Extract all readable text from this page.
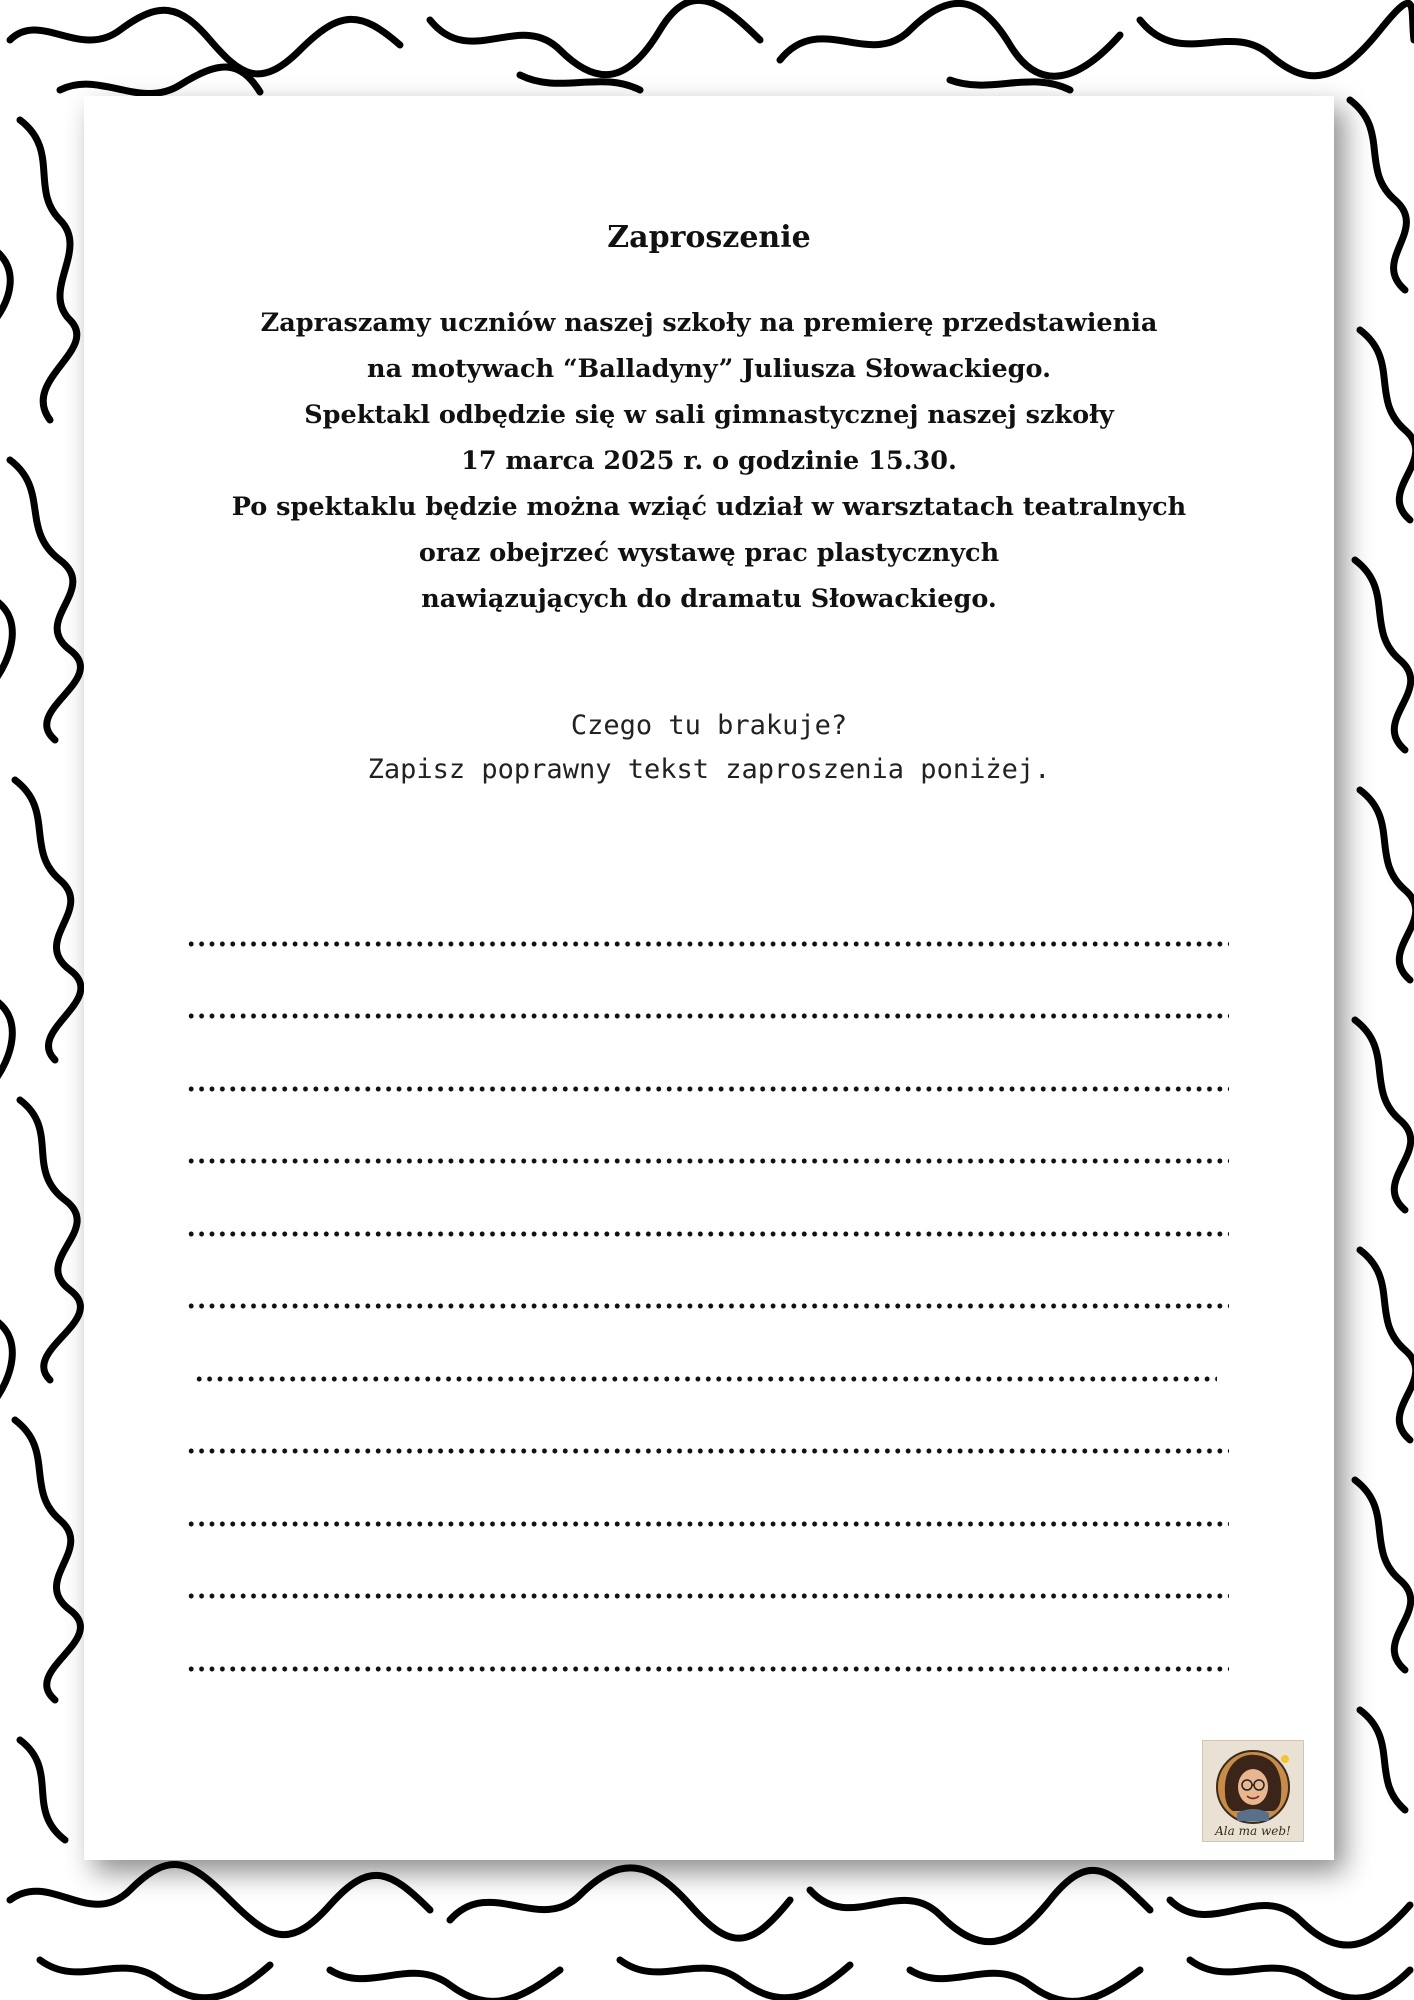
Zaproszenie
Zapraszamy uczniów naszej szkoły na premierę przedstawienia
na motywach “Balladyny” Juliusza Słowackiego.
Spektakl odbędzie się w sali gimnastycznej naszej szkoły
17 marca 2025 r. o godzinie 15.30.
Po spektaklu będzie można wziąć udział w warsztatach teatralnych
oraz obejrzeć wystawę prac plastycznych
nawiązujących do dramatu Słowackiego.
Czego tu brakuje?
Zapisz poprawny tekst zaproszenia poniżej.
Ala ma web!
